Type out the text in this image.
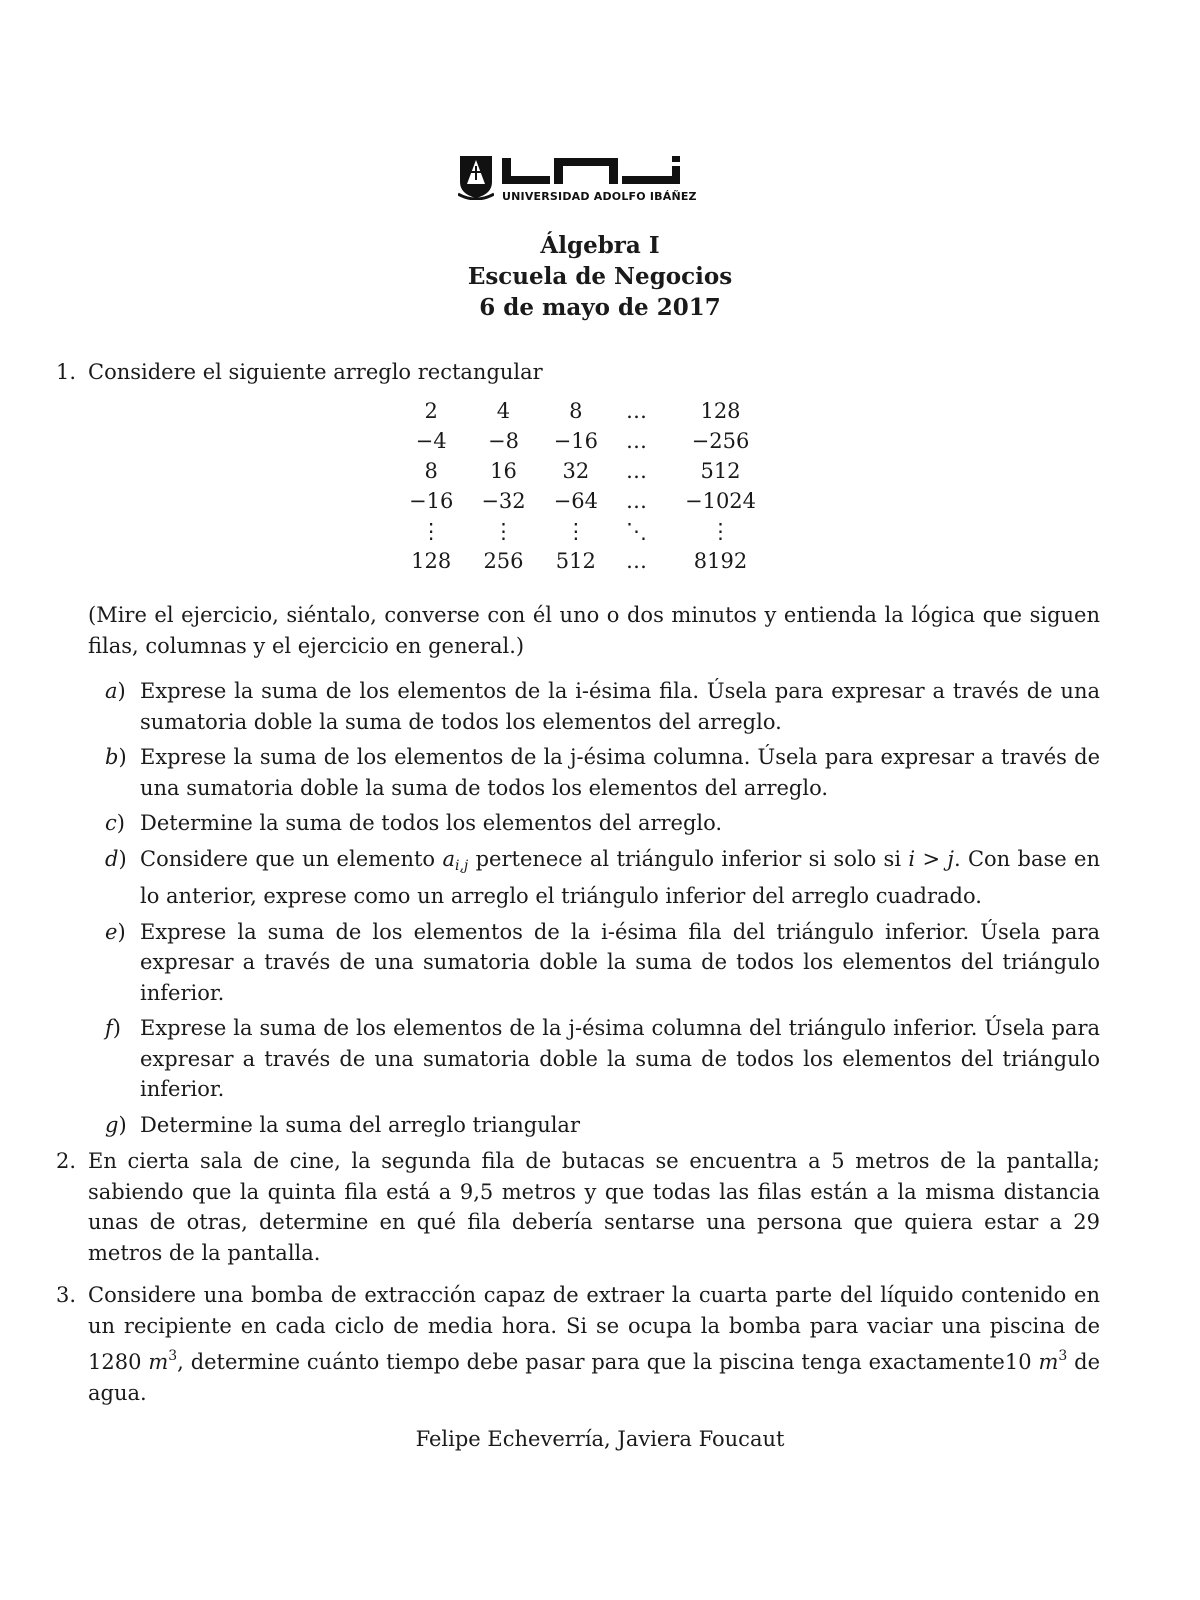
UNIVERSIDAD ADOLFO IBÁÑEZ
Álgebra I
Escuela de Negocios
6 de mayo de 2017
1. Considere el siguiente arreglo rectangular
2	4	8	…	128
−4	−8	−16	…	−256
8	16	32	…	512
−16	−32	−64	…	−1024
⋮	⋮	⋮	⋱	⋮
128	256	512	…	8192
(Mire el ejercicio, siéntalo, converse con él uno o dos minutos y entienda la lógica que siguen filas, columnas y el ejercicio en general.)
a) Exprese la suma de los elementos de la i-ésima fila. Úsela para expresar a través de una sumatoria doble la suma de todos los elementos del arreglo.
b) Exprese la suma de los elementos de la j-ésima columna. Úsela para expresar a través de una sumatoria doble la suma de todos los elementos del arreglo.
c) Determine la suma de todos los elementos del arreglo.
d) Considere que un elemento ai,j pertenece al triángulo inferior si solo si i > j. Con base en lo anterior, exprese como un arreglo el triángulo inferior del arreglo cuadrado.
e) Exprese la suma de los elementos de la i-ésima fila del triángulo inferior. Úsela para expresar a través de una sumatoria doble la suma de todos los elementos del triángulo inferior.
f) Exprese la suma de los elementos de la j-ésima columna del triángulo inferior. Úsela para expresar a través de una sumatoria doble la suma de todos los elementos del triángulo inferior.
g) Determine la suma del arreglo triangular
2. En cierta sala de cine, la segunda fila de butacas se encuentra a 5 metros de la pantalla; sabiendo que la quinta fila está a 9,5 metros y que todas las filas están a la misma distancia unas de otras, determine en qué fila debería sentarse una persona que quiera estar a 29 metros de la pantalla.
3. Considere una bomba de extracción capaz de extraer la cuarta parte del líquido contenido en un recipiente en cada ciclo de media hora. Si se ocupa la bomba para vaciar una piscina de 1280 $m^3$, determine cuánto tiempo debe pasar para que la piscina tenga exactamente10 $m^3$ de agua.
Felipe Echeverría, Javiera Foucaut
